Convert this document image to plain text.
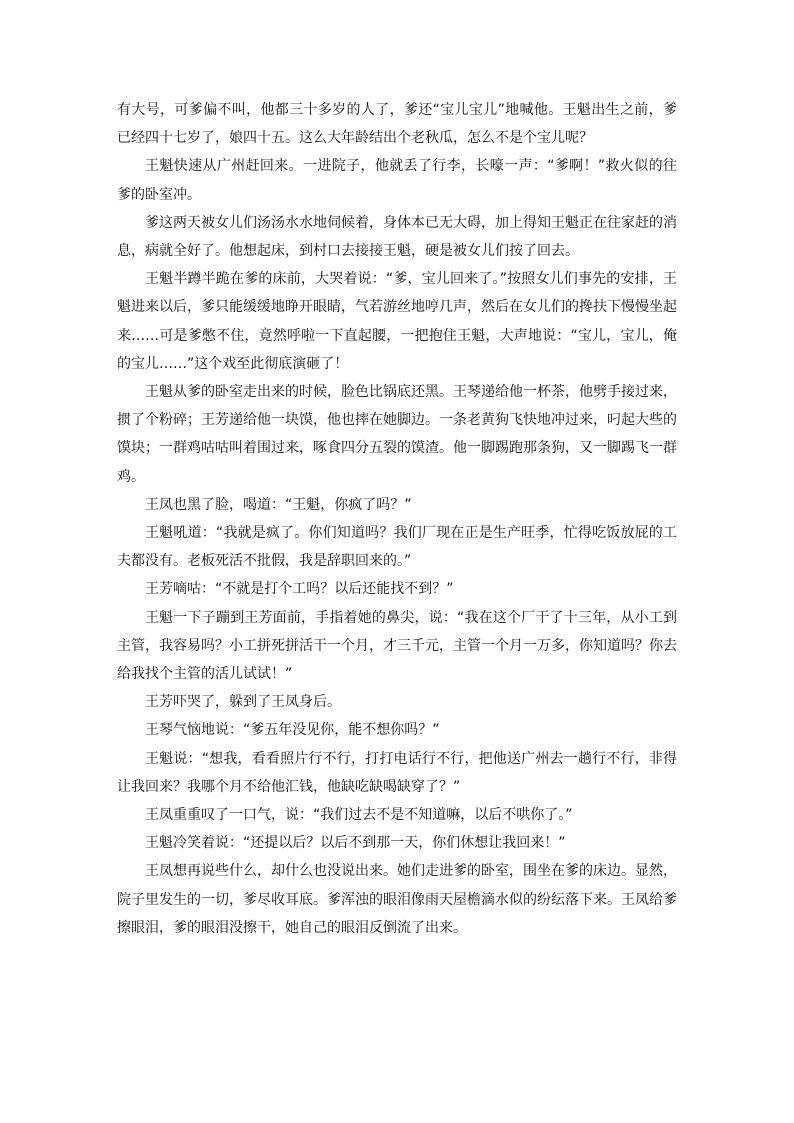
有大号，可爹偏不叫，他都三十多岁的人了，爹还“宝儿宝儿”地喊他。王魁出生之前，爹已经四十七岁了，娘四十五。这么大年龄结出个老秋瓜，怎么不是个宝儿呢？

王魁快速从广州赶回来。一进院子，他就丢了行李，长嚎一声：“爹啊！”救火似的往爹的卧室冲。

爹这两天被女儿们汤汤水水地伺候着，身体本已无大碍，加上得知王魁正在往家赶的消息，病就全好了。他想起床，到村口去接接王魁，硬是被女儿们按了回去。

王魁半蹲半跪在爹的床前，大哭着说：“爹，宝儿回来了。”按照女儿们事先的安排，王魁进来以后，爹只能缓缓地睁开眼睛，气若游丝地哼几声，然后在女儿们的搀扶下慢慢坐起来……可是爹憋不住，竟然呼啦一下直起腰，一把抱住王魁，大声地说：“宝儿，宝儿，俺的宝儿……”这个戏至此彻底演砸了！

王魁从爹的卧室走出来的时候，脸色比锅底还黑。王琴递给他一杯茶，他劈手接过来，掼了个粉碎；王芳递给他一块馍，他也摔在她脚边。一条老黄狗飞快地冲过来，叼起大些的馍块；一群鸡咕咕叫着围过来，啄食四分五裂的馍渣。他一脚踢跑那条狗，又一脚踢飞一群鸡。

王凤也黑了脸，喝道：“王魁，你疯了吗？”

王魁吼道：“我就是疯了。你们知道吗？我们厂现在正是生产旺季，忙得吃饭放屁的工夫都没有。老板死活不批假，我是辞职回来的。”

王芳嘀咕：“不就是打个工吗？以后还能找不到？”

王魁一下子蹦到王芳面前，手指着她的鼻尖，说：“我在这个厂干了十三年，从小工到主管，我容易吗？小工拼死拼活干一个月，才三千元，主管一个月一万多，你知道吗？你去给我找个主管的活儿试试！”

王芳吓哭了，躲到了王凤身后。

王琴气恼地说：“爹五年没见你，能不想你吗？”

王魁说：“想我，看看照片行不行，打打电话行不行，把他送广州去一趟行不行，非得让我回来？我哪个月不给他汇钱，他缺吃缺喝缺穿了？”

王凤重重叹了一口气，说：“我们过去不是不知道嘛，以后不哄你了。”

王魁冷笑着说：“还提以后？以后不到那一天，你们休想让我回来！”

王凤想再说些什么，却什么也没说出来。她们走进爹的卧室，围坐在爹的床边。显然，院子里发生的一切，爹尽收耳底。爹浑浊的眼泪像雨天屋檐滴水似的纷纭落下来。王凤给爹擦眼泪，爹的眼泪没擦干，她自己的眼泪反倒流了出来。
